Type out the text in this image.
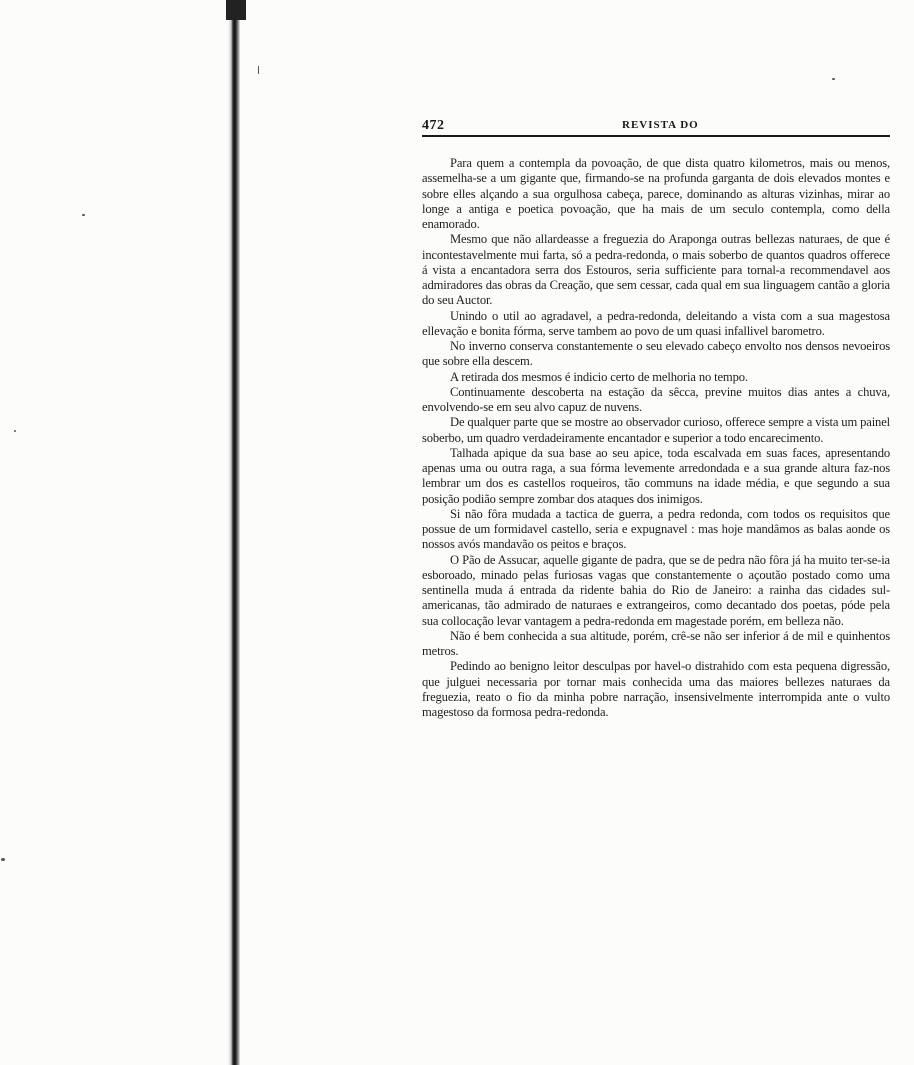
472	REVISTA DO

Para quem a contempla da povoação, de que dista quatro kilometros, mais ou menos, assemelha-se a um gigante que, firmando-se na profunda garganta de dois elevados montes e sobre elles alçando a sua orgulhosa cabeça, parece, dominando as alturas vizinhas, mirar ao longe a antiga e poetica povoação, que ha mais de um seculo contempla, como della enamorado.

Mesmo que não allardeasse a freguezia do Araponga outras bellezas naturaes, de que é incontestavelmente mui farta, só a pedra-redonda, o mais soberbo de quantos quadros offerece á vista a encantadora serra dos Estouros, seria sufficiente para tornal-a recommendavel aos admiradores das obras da Creação, que sem cessar, cada qual em sua linguagem cantão a gloria do seu Auctor.

Unindo o util ao agradavel, a pedra-redonda, deleitando a vista com a sua magestosa ellevação e bonita fórma, serve tambem ao povo de um quasi infallivel barometro.

No inverno conserva constantemente o seu elevado cabeço envolto nos densos nevoeiros que sobre ella descem.

A retirada dos mesmos é indicio certo de melhoria no tempo.

Continuamente descoberta na estação da sêcca, previne muitos dias antes a chuva, envolvendo-se em seu alvo capuz de nuvens.

De qualquer parte que se mostre ao observador curioso, offerece sempre a vista um painel soberbo, um quadro verdadeiramente encantador e superior a todo encarecimento.

Talhada apique da sua base ao seu apice, toda escalvada em suas faces, apresentando apenas uma ou outra raga, a sua fórma levemente arredondada e a sua grande altura faz-nos lembrar um dos es castellos roqueiros, tão communs na idade média, e que segundo a sua posição podião sempre zombar dos ataques dos inimigos.

Si não fôra mudada a tactica de guerra, a pedra redonda, com todos os requisitos que possue de um formidavel castello, seria e expugnavel : mas hoje mandâmos as balas aonde os nossos avós mandavão os peitos e braços.

O Pão de Assucar, aquelle gigante de padra, que se de pedra não fôra já ha muito ter-se-ia esboroado, minado pelas furiosas vagas que constantemente o açoutão postado como uma sentinella muda á entrada da ridente bahia do Rio de Janeiro: a rainha das cidades sul-americanas, tão admirado de naturaes e extrangeiros, como decantado dos poetas, póde pela sua collocação levar vantagem a pedra-redonda em magestade porém, em belleza não.

Não é bem conhecida a sua altitude, porém, crê-se não ser inferior á de mil e quinhentos metros.

Pedindo ao benigno leitor desculpas por havel-o distrahido com esta pequena digressão, que julguei necessaria por tornar mais conhecida uma das maiores bellezes naturaes da freguezia, reato o fio da minha pobre narração, insensivelmente interrompida ante o vulto magestoso da formosa pedra-redonda.
